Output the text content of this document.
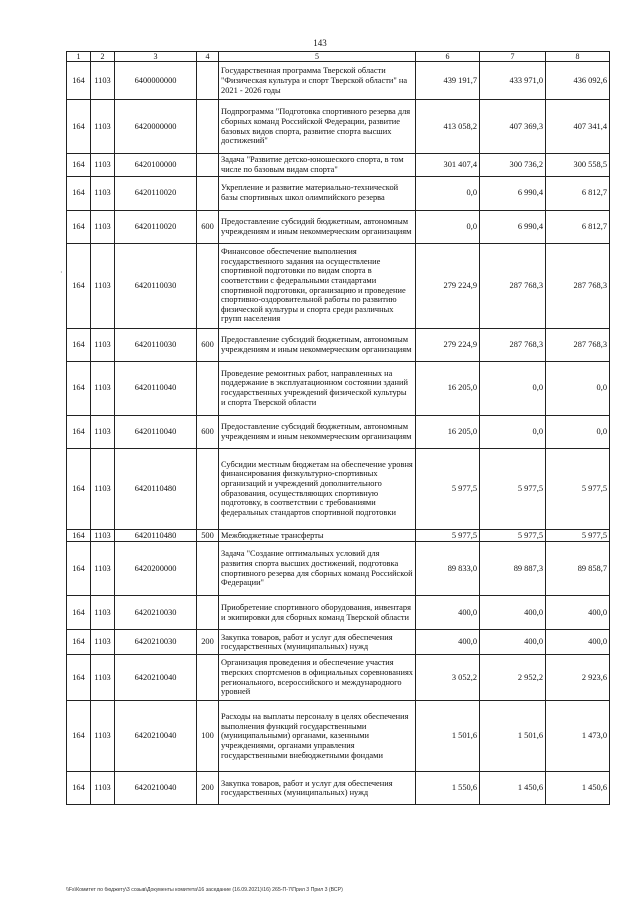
143
1	2	3	4	5	6	7	8
164	1103	6400000000		Государственная программа Тверской области "Физическая культура и спорт Тверской области" на 2021 - 2026 годы	439 191,7	433 971,0	436 092,6
164	1103	6420000000		Подпрограмма "Подготовка спортивного резерва для сборных команд Российской Федерации, развитие базовых видов спорта, развитие спорта высших достижений"	413 058,2	407 369,3	407 341,4
164	1103	6420100000		Задача "Развитие детско-юношеского спорта, в том числе по базовым видам спорта"	301 407,4	300 736,2	300 558,5
164	1103	6420110020		Укрепление и развитие материально-технической базы спортивных школ олимпийского резерва	0,0	6 990,4	6 812,7
164	1103	6420110020	600	Предоставление субсидий бюджетным, автономным учреждениям и иным некоммерческим организациям	0,0	6 990,4	6 812,7
164	1103	6420110030		Финансовое обеспечение выполнения государственного задания на осуществление спортивной подготовки по видам спорта в соответствии с федеральными стандартами спортивной подготовки, организацию и проведение спортивно-оздоровительной работы по развитию физической культуры и спорта среди различных групп населения	279 224,9	287 768,3	287 768,3
164	1103	6420110030	600	Предоставление субсидий бюджетным, автономным учреждениям и иным некоммерческим организациям	279 224,9	287 768,3	287 768,3
164	1103	6420110040		Проведение ремонтных работ, направленных на поддержание в эксплуатационном состоянии зданий государственных учреждений физической культуры и спорта Тверской области	16 205,0	0,0	0,0
164	1103	6420110040	600	Предоставление субсидий бюджетным, автономным учреждениям и иным некоммерческим организациям	16 205,0	0,0	0,0
164	1103	6420110480		Субсидии местным бюджетам на обеспечение уровня финансирования физкультурно-спортивных организаций и учреждений дополнительного образования, осуществляющих спортивную подготовку, в соответствии с требованиями федеральных стандартов спортивной подготовки	5 977,5	5 977,5	5 977,5
164	1103	6420110480	500	Межбюджетные трансферты	5 977,5	5 977,5	5 977,5
164	1103	6420200000		Задача "Создание оптимальных условий для развития спорта высших достижений, подготовка спортивного резерва для сборных команд Российской Федерации"	89 833,0	89 887,3	89 858,7
164	1103	6420210030		Приобретение спортивного оборудования, инвентаря и экипировки для сборных команд Тверской области	400,0	400,0	400,0
164	1103	6420210030	200	Закупка товаров, работ и услуг для обеспечения государственных (муниципальных) нужд	400,0	400,0	400,0
164	1103	6420210040		Организация проведения и обеспечение участия тверских спортсменов в официальных соревнованиях регионального, всероссийского и международного уровней	3 052,2	2 952,2	2 923,6
164	1103	6420210040	100	Расходы на выплаты персоналу в целях обеспечения выполнения функций государственными (муниципальными) органами, казенными учреждениями, органами управления государственными внебюджетными фондами	1 501,6	1 501,6	1 473,0
164	1103	6420210040	200	Закупка товаров, работ и услуг для обеспечения государственных (муниципальных) нужд	1 550,6	1 450,6	1 450,6
·
\\Fs\Комитет по бюджету\3 созыв\Документы комитета\16 заседание (16.09.2021)\16) 265-П-7\Прил 3 Прил 3 (ВСР)
